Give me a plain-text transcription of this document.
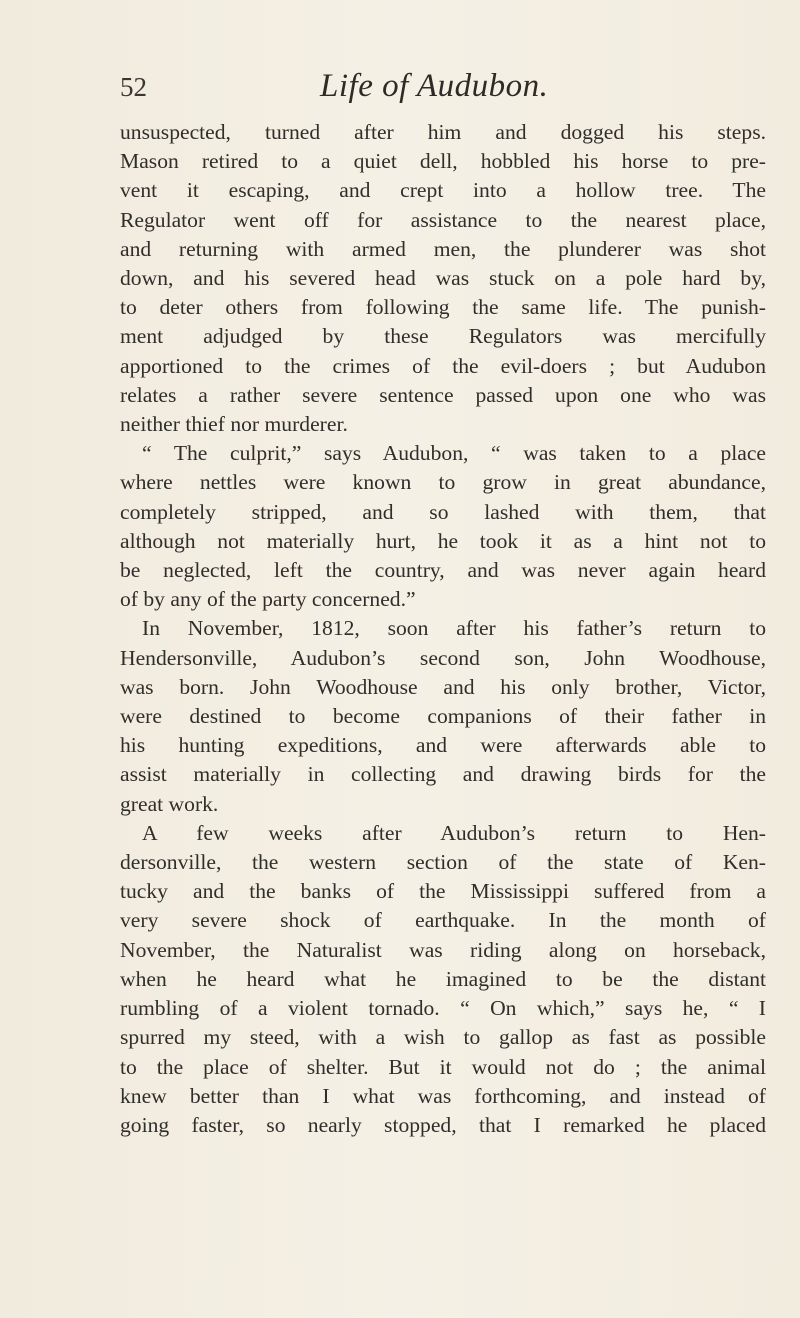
52	Life of Audubon.
unsuspected, turned after him and dogged his steps.
Mason retired to a quiet dell, hobbled his horse to pre-
vent it escaping, and crept into a hollow tree. The
Regulator went off for assistance to the nearest place,
and returning with armed men, the plunderer was shot
down, and his severed head was stuck on a pole hard by,
to deter others from following the same life. The punish-
ment adjudged by these Regulators was mercifully
apportioned to the crimes of the evil-doers ; but Audubon
relates a rather severe sentence passed upon one who was
neither thief nor murderer.
“ The culprit,” says Audubon, “ was taken to a place
where nettles were known to grow in great abundance,
completely stripped, and so lashed with them, that
although not materially hurt, he took it as a hint not to
be neglected, left the country, and was never again heard
of by any of the party concerned.”
In November, 1812, soon after his father’s return to
Hendersonville, Audubon’s second son, John Woodhouse,
was born. John Woodhouse and his only brother, Victor,
were destined to become companions of their father in
his hunting expeditions, and were afterwards able to
assist materially in collecting and drawing birds for the
great work.
A few weeks after Audubon’s return to Hen-
dersonville, the western section of the state of Ken-
tucky and the banks of the Mississippi suffered from a
very severe shock of earthquake. In the month of
November, the Naturalist was riding along on horseback,
when he heard what he imagined to be the distant
rumbling of a violent tornado. “ On which,” says he, “ I
spurred my steed, with a wish to gallop as fast as possible
to the place of shelter. But it would not do ; the animal
knew better than I what was forthcoming, and instead of
going faster, so nearly stopped, that I remarked he placed
